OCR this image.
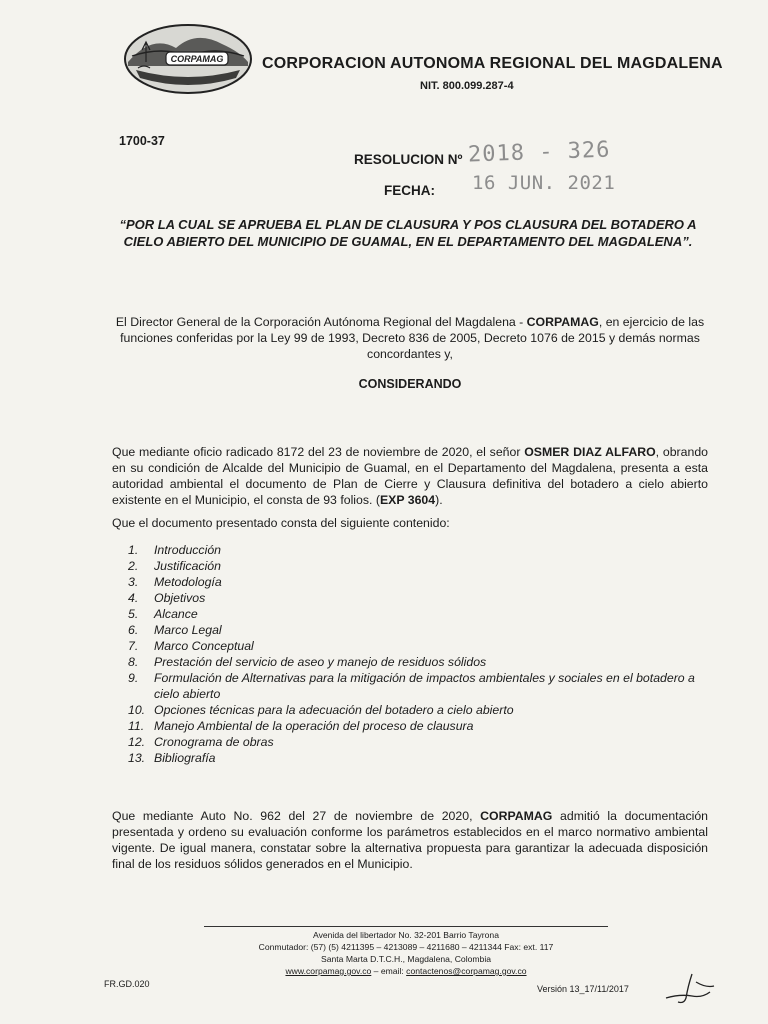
CORPAMAG CORPORACION AUTONOMA REGIONAL DEL MAGDALENA
NIT. 800.099.287-4
1700-37
RESOLUCION Nº 2018 - 326
FECHA: 16 JUN. 2021
“POR LA CUAL SE APRUEBA EL PLAN DE CLAUSURA Y POS CLAUSURA DEL BOTADERO A CIELO ABIERTO DEL MUNICIPIO DE GUAMAL, EN EL DEPARTAMENTO DEL MAGDALENA”.
El Director General de la Corporación Autónoma Regional del Magdalena - CORPAMAG, en ejercicio de las funciones conferidas por la Ley 99 de 1993, Decreto 836 de 2005, Decreto 1076 de 2015 y demás normas concordantes y,
CONSIDERANDO
Que mediante oficio radicado 8172 del 23 de noviembre de 2020, el señor OSMER DIAZ ALFARO, obrando en su condición de Alcalde del Municipio de Guamal, en el Departamento del Magdalena, presenta a esta autoridad ambiental el documento de Plan de Cierre y Clausura definitiva del botadero a cielo abierto existente en el Municipio, el consta de 93 folios. (EXP 3604).
Que el documento presentado consta del siguiente contenido:
1.	Introducción
2.	Justificación
3.	Metodología
4.	Objetivos
5.	Alcance
6.	Marco Legal
7.	Marco Conceptual
8.	Prestación del servicio de aseo y manejo de residuos sólidos
9.	Formulación de Alternativas para la mitigación de impactos ambientales y sociales en el botadero a cielo abierto
10. Opciones técnicas para la adecuación del botadero a cielo abierto
11. Manejo Ambiental de la operación del proceso de clausura
12. Cronograma de obras
13. Bibliografía
Que mediante Auto No. 962 del 27 de noviembre de 2020, CORPAMAG admitió la documentación presentada y ordeno su evaluación conforme los parámetros establecidos en el marco normativo ambiental vigente. De igual manera, constatar sobre la alternativa propuesta para garantizar la adecuada disposición final de los residuos sólidos generados en el Municipio.
Avenida del libertador No. 32-201 Barrio Tayrona
Conmutador: (57) (5) 4211395 – 4213089 – 4211680 – 4211344 Fax: ext. 117
Santa Marta D.T.C.H., Magdalena, Colombia
www.corpamag.gov.co – email: contactenos@corpamag.gov.co
FR.GD.020	Versión 13_17/11/2017
